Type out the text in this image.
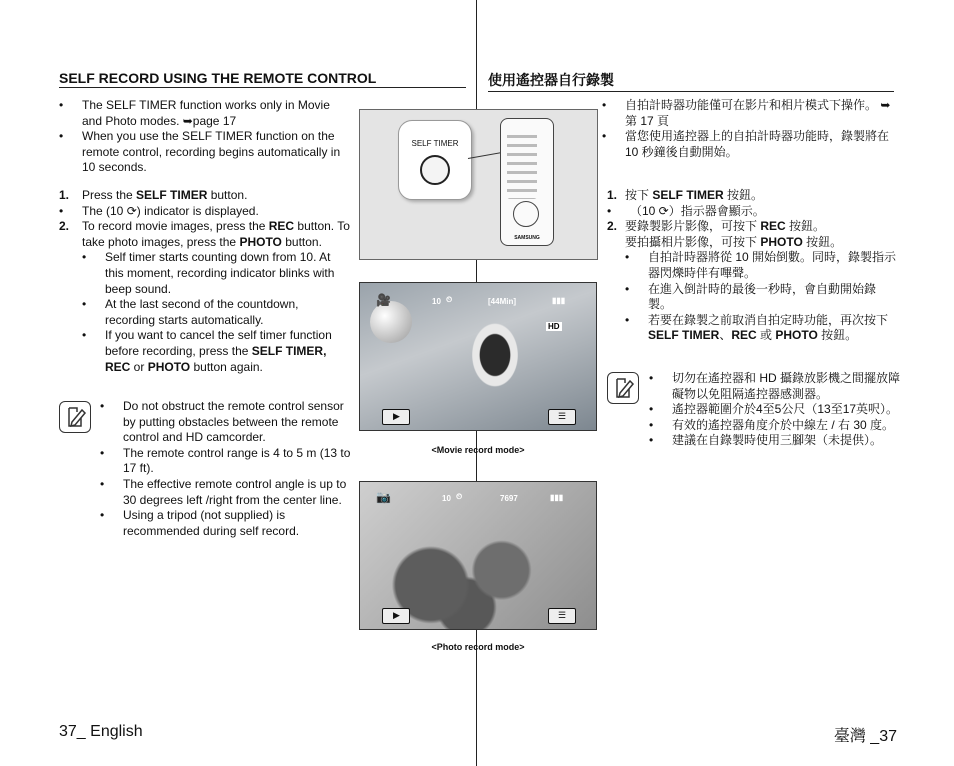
SELF RECORD USING THE REMOTE CONTROL
• The SELF TIMER function works only in Movie and Photo modes. ➥page 17
• When you use the SELF TIMER function on the remote control, recording begins automatically in 10 seconds.
1. Press the SELF TIMER button.
• The (10 ⟳) indicator is displayed.
2. To record movie images, press the REC button. To take photo images, press the PHOTO button.
• Self timer starts counting down from 10. At this moment, recording indicator blinks with beep sound.
• At the last second of the countdown, recording starts automatically.
• If you want to cancel the self timer function before recording, press the SELF TIMER, REC or PHOTO button again.
• Do not obstruct the remote control sensor by putting obstacles between the remote control and HD camcorder.
• The remote control range is 4 to 5 m (13 to 17 ft).
• The effective remote control angle is up to 30 degrees left /right from the center line.
• Using a tripod (not supplied) is recommended during self record.
37_ English
使用遙控器自行錄製
• 自拍計時器功能僅可在影片和相片模式下操作。 ➥ 第 17 頁
• 當您使用遙控器上的自拍計時器功能時，錄製將在 10 秒鐘後自動開始。
1. 按下 SELF TIMER 按鈕。
• （10 ⟳）指示器會顯示。
2. 要錄製影片影像，可按下 REC 按鈕。
要拍攝相片影像，可按下 PHOTO 按鈕。
• 自拍計時器將從 10 開始倒數。同時，錄製指示器閃爍時伴有嗶聲。
• 在進入倒計時的最後一秒時，會自動開始錄製。
• 若要在錄製之前取消自拍定時功能，再次按下 SELF TIMER、REC 或 PHOTO 按鈕。
• 切勿在遙控器和 HD 攝錄放影機之間擺放障礙物以免阻隔遙控器感測器。
• 遙控器範圍介於4至5公尺（13至17英呎）。
• 有效的遙控器角度介於中線左 / 右 30 度。
• 建議在自錄製時使用三腳架（未提供）。
臺灣 _37
SELF TIMER
SAMSUNG
🎥	10 ⏲	[44Min]	▮▮▮
HD
▶	☰
<Movie record mode>
📷	10 ⏲	7697	▮▮▮
▶	☰
<Photo record mode>
